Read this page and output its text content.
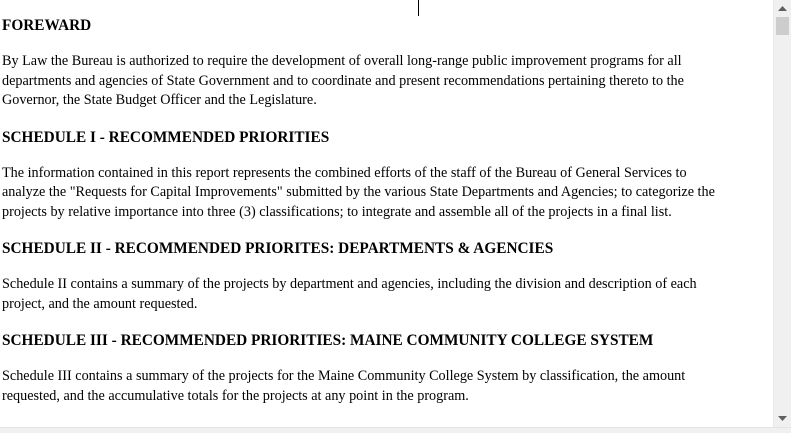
FOREWARD

By Law the Bureau is authorized to require the development of overall long-range public improvement programs for all departments and agencies of State Government and to coordinate and present recommendations pertaining thereto to the Governor, the State Budget Officer and the Legislature.

SCHEDULE I - RECOMMENDED PRIORITIES

The information contained in this report represents the combined efforts of the staff of the Bureau of General Services to analyze the "Requests for Capital Improvements" submitted by the various State Departments and Agencies; to categorize the projects by relative importance into three (3) classifications; to integrate and assemble all of the projects in a final list.

SCHEDULE II - RECOMMENDED PRIORITES: DEPARTMENTS & AGENCIES

Schedule II contains a summary of the projects by department and agencies, including the division and description of each project, and the amount requested.

SCHEDULE III - RECOMMENDED PRIORITIES: MAINE COMMUNITY COLLEGE SYSTEM

Schedule III contains a summary of the projects for the Maine Community College System by classification, the amount requested, and the accumulative totals for the projects at any point in the program.
